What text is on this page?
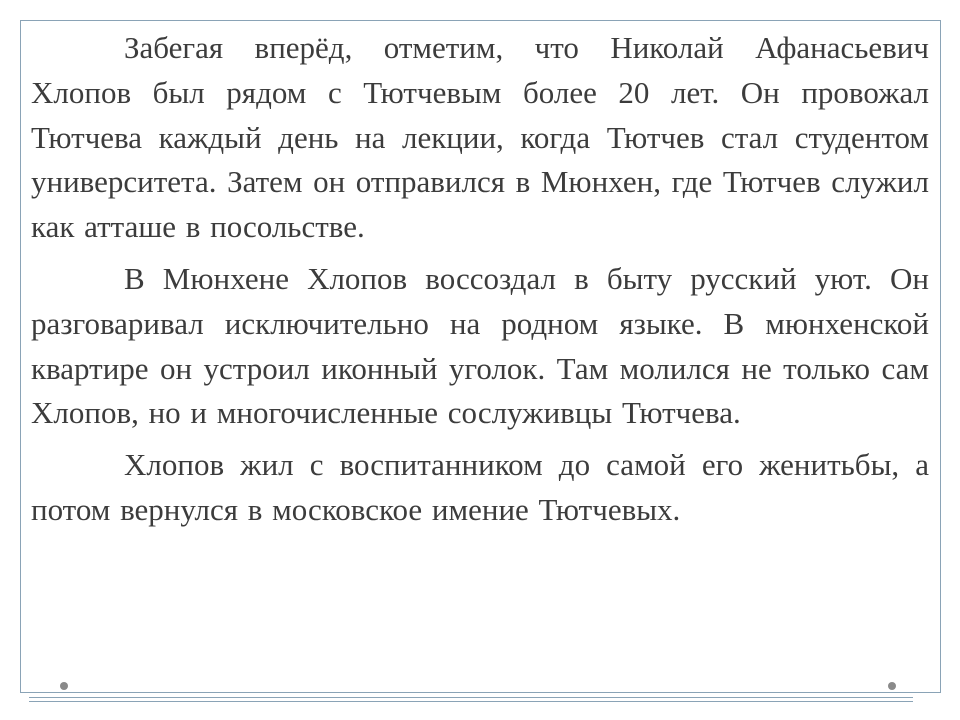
Забегая вперёд, отметим, что Николай Афанасьевич Хлопов был рядом с Тютчевым более 20 лет. Он провожал Тютчева каждый день на лекции, когда Тютчев стал студентом университета. Затем он отправился в Мюнхен, где Тютчев служил как атташе в посольстве.

В Мюнхене Хлопов воссоздал в быту русский уют. Он разговаривал исключительно на родном языке. В мюнхенской квартире он устроил иконный уголок. Там молился не только сам Хлопов, но и многочисленные сослуживцы Тютчева.

Хлопов жил с воспитанником до самой его женитьбы, а потом вернулся в московское имение Тютчевых.
